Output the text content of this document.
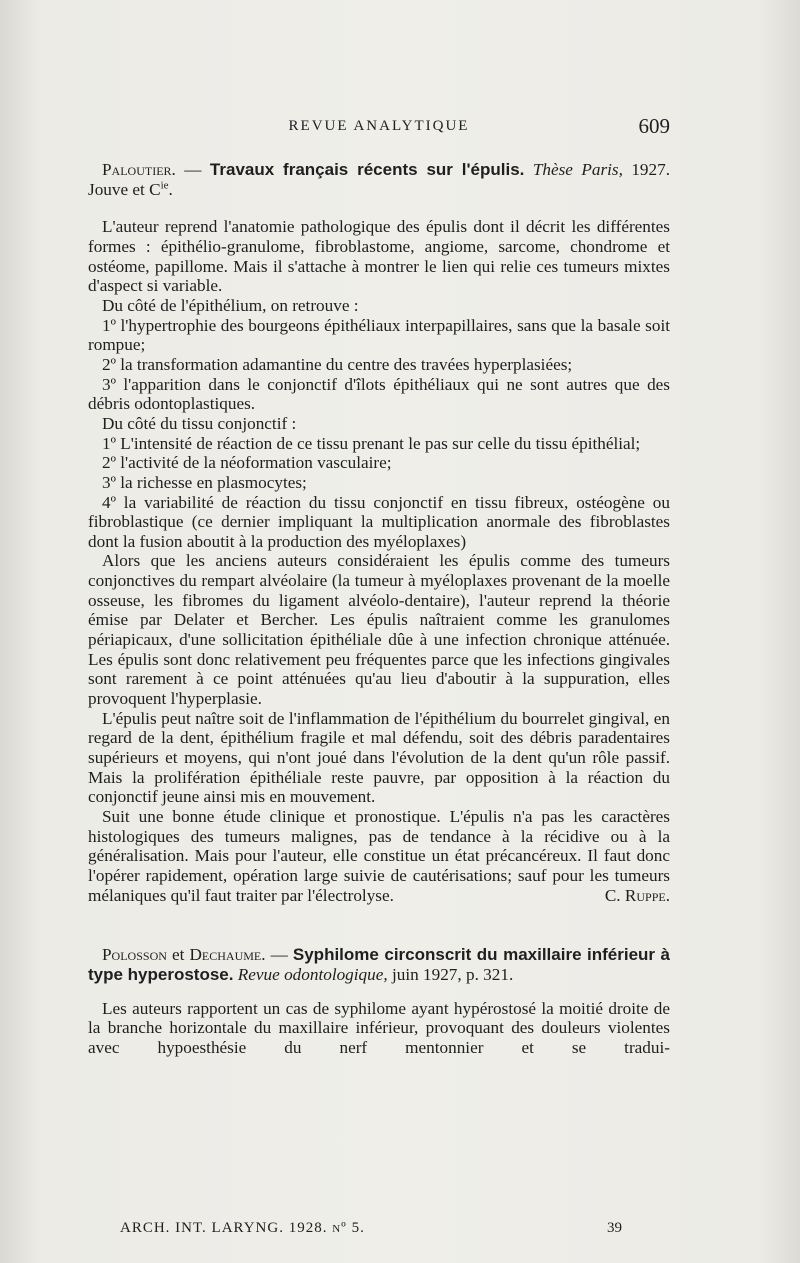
REVUE ANALYTIQUE	609

Paloutier. — Travaux français récents sur l'épulis. Thèse Paris, 1927. Jouve et $C^{ie}$.

L'auteur reprend l'anatomie pathologique des épulis dont il décrit les différentes formes : épithélio-granulome, fibroblastome, angiome, sarcome, chondrome et ostéome, papillome. Mais il s'attache à montrer le lien qui relie ces tumeurs mixtes d'aspect si variable.

Du côté de l'épithélium, on retrouve :

1º l'hypertrophie des bourgeons épithéliaux interpapillaires, sans que la basale soit rompue;

2º la transformation adamantine du centre des travées hyperplasiées;

3º l'apparition dans le conjonctif d'îlots épithéliaux qui ne sont autres que des débris odontoplastiques.

Du côté du tissu conjonctif :

1º L'intensité de réaction de ce tissu prenant le pas sur celle du tissu épithélial;

2º l'activité de la néoformation vasculaire;

3º la richesse en plasmocytes;

4º la variabilité de réaction du tissu conjonctif en tissu fibreux, ostéogène ou fibroblastique (ce dernier impliquant la multiplication anormale des fibroblastes dont la fusion aboutit à la production des myéloplaxes)

Alors que les anciens auteurs considéraient les épulis comme des tumeurs conjonctives du rempart alvéolaire (la tumeur à myéloplaxes provenant de la moelle osseuse, les fibromes du ligament alvéolo-dentaire), l'auteur reprend la théorie émise par Delater et Bercher. Les épulis naîtraient comme les granulomes périapicaux, d'une sollicitation épithéliale dûe à une infection chronique atténuée. Les épulis sont donc relativement peu fréquentes parce que les infections gingivales sont rarement à ce point atténuées qu'au lieu d'aboutir à la suppuration, elles provoquent l'hyperplasie.

L'épulis peut naître soit de l'inflammation de l'épithélium du bourrelet gingival, en regard de la dent, épithélium fragile et mal défendu, soit des débris paradentaires supérieurs et moyens, qui n'ont joué dans l'évolution de la dent qu'un rôle passif. Mais la prolifération épithéliale reste pauvre, par opposition à la réaction du conjonctif jeune ainsi mis en mouvement.

Suit une bonne étude clinique et pronostique. L'épulis n'a pas les caractères histologiques des tumeurs malignes, pas de tendance à la récidive ou à la généralisation. Mais pour l'auteur, elle constitue un état précancéreux. Il faut donc l'opérer rapidement, opération large suivie de cautérisations; sauf pour les tumeurs mélaniques qu'il faut traiter par l'électrolyse.	C. Ruppe.

Polosson et Dechaume. — Syphilome circonscrit du maxillaire inférieur à type hyperostose. Revue odontologique, juin 1927, p. 321.

Les auteurs rapportent un cas de syphilome ayant hypérostosé la moitié droite de la branche horizontale du maxillaire inférieur, provoquant des douleurs violentes avec hypoesthésie du nerf mentonnier et se tradui-

ARCH. INT. LARYNG. 1928. nº 5.	39
